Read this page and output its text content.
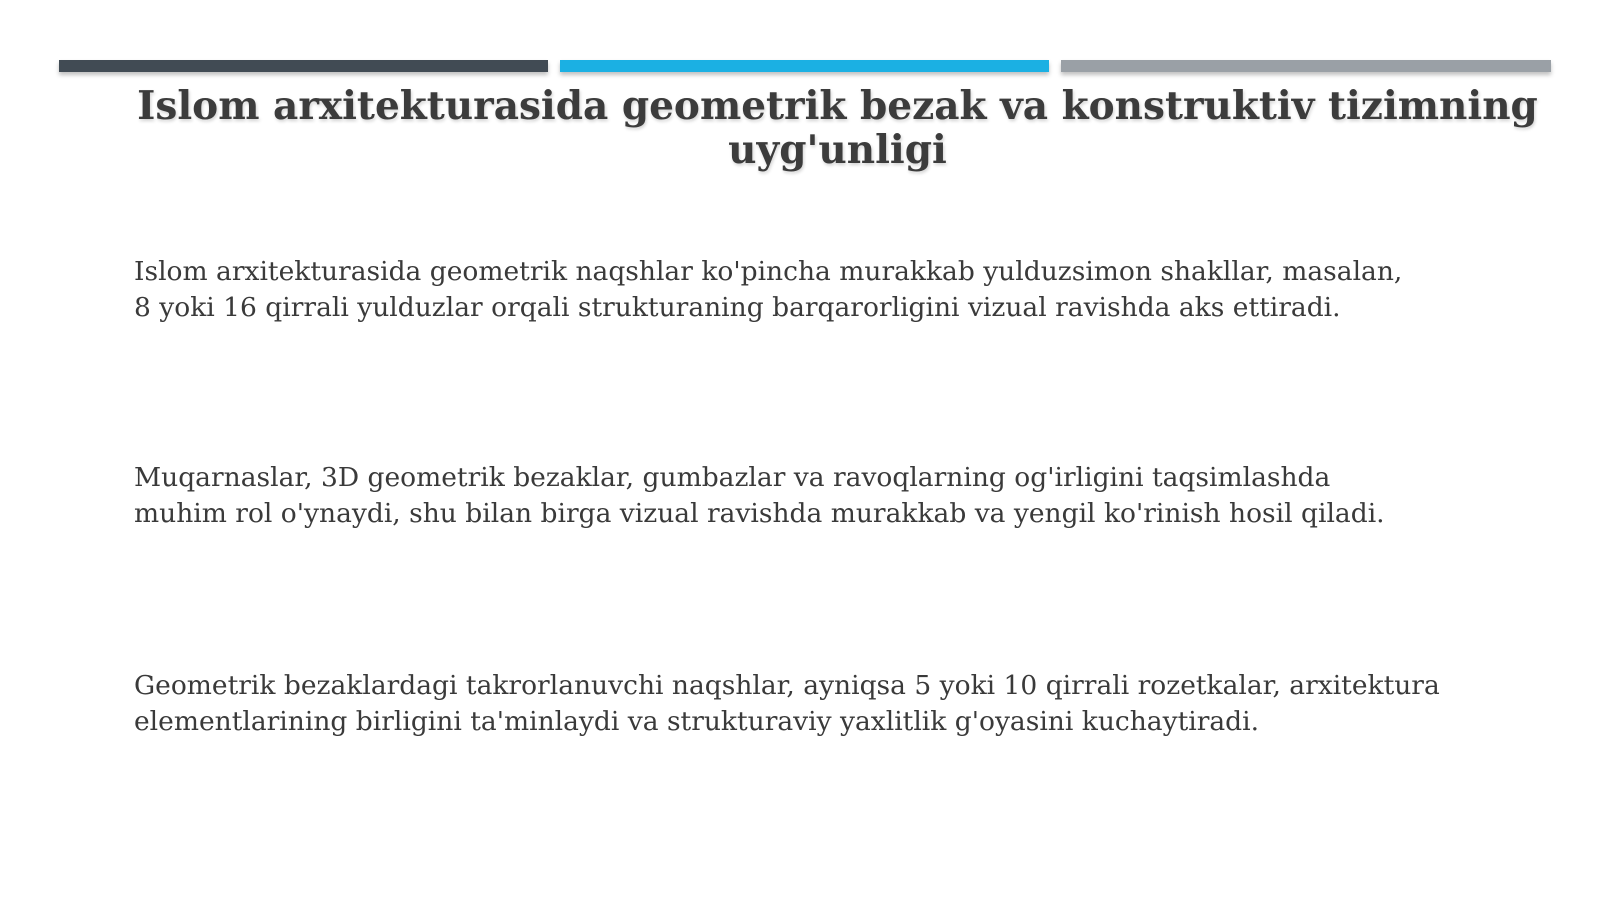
Islom arxitekturasida geometrik bezak va konstruktiv tizimning uyg'unligi

Islom arxitekturasida geometrik naqshlar ko'pincha murakkab yulduzsimon shakllar, masalan,
8 yoki 16 qirrali yulduzlar orqali strukturaning barqarorligini vizual ravishda aks ettiradi.

Muqarnaslar, 3D geometrik bezaklar, gumbazlar va ravoqlarning og'irligini taqsimlashda
muhim rol o'ynaydi, shu bilan birga vizual ravishda murakkab va yengil ko'rinish hosil qiladi.

Geometrik bezaklardagi takrorlanuvchi naqshlar, ayniqsa 5 yoki 10 qirrali rozetkalar, arxitektura
elementlarining birligini ta'minlaydi va strukturaviy yaxlitlik g'oyasini kuchaytiradi.
